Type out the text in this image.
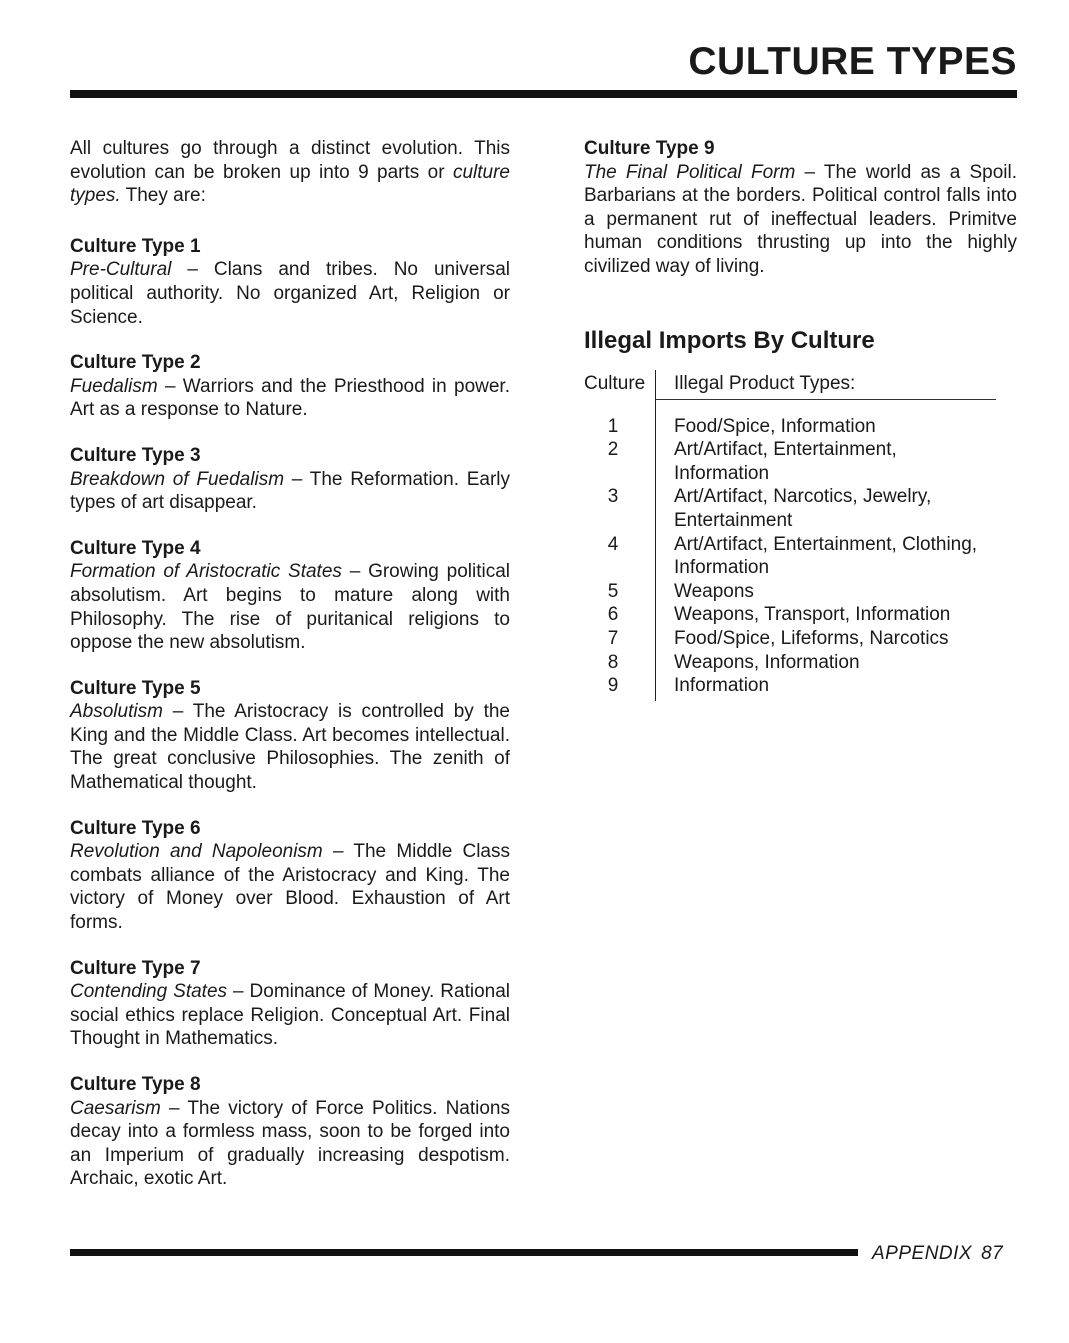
CULTURE TYPES

All cultures go through a distinct evolution. This evolution can be broken up into 9 parts or culture types. They are:

Culture Type 1

Pre-Cultural – Clans and tribes. No universal political authority. No organized Art, Religion or Science.

Culture Type 2

Fuedalism – Warriors and the Priesthood in power. Art as a response to Nature.

Culture Type 3

Breakdown of Fuedalism – The Reformation. Early types of art disappear.

Culture Type 4

Formation of Aristocratic States – Growing political absolutism. Art begins to mature along with Philosophy. The rise of puritanical religions to oppose the new absolutism.

Culture Type 5

Absolutism – The Aristocracy is controlled by the King and the Middle Class. Art becomes intellectual. The great conclusive Philosophies. The zenith of Mathematical thought.

Culture Type 6

Revolution and Napoleonism – The Middle Class combats alliance of the Aristocracy and King. The victory of Money over Blood. Exhaustion of Art forms.

Culture Type 7

Contending States – Dominance of Money. Rational social ethics replace Religion. Conceptual Art. Final Thought in Mathematics.

Culture Type 8

Caesarism – The victory of Force Politics. Nations decay into a formless mass, soon to be forged into an Imperium of gradually increasing despotism. Archaic, exotic Art.

Culture Type 9

The Final Political Form – The world as a Spoil. Barbarians at the borders. Political control falls into a permanent rut of ineffectual leaders. Primitve human conditions thrusting up into the highly civilized way of living.

Illegal Imports By Culture
Culture	Illegal Product Types:
1	Food/Spice, Information
2	Art/Artifact, Entertainment, Information
3	Art/Artifact, Narcotics, Jewelry, Entertainment
4	Art/Artifact, Entertainment, Clothing, Information
5	Weapons
6	Weapons, Transport, Information
7	Food/Spice, Lifeforms, Narcotics
8	Weapons, Information
9	Information
APPENDIX 87
